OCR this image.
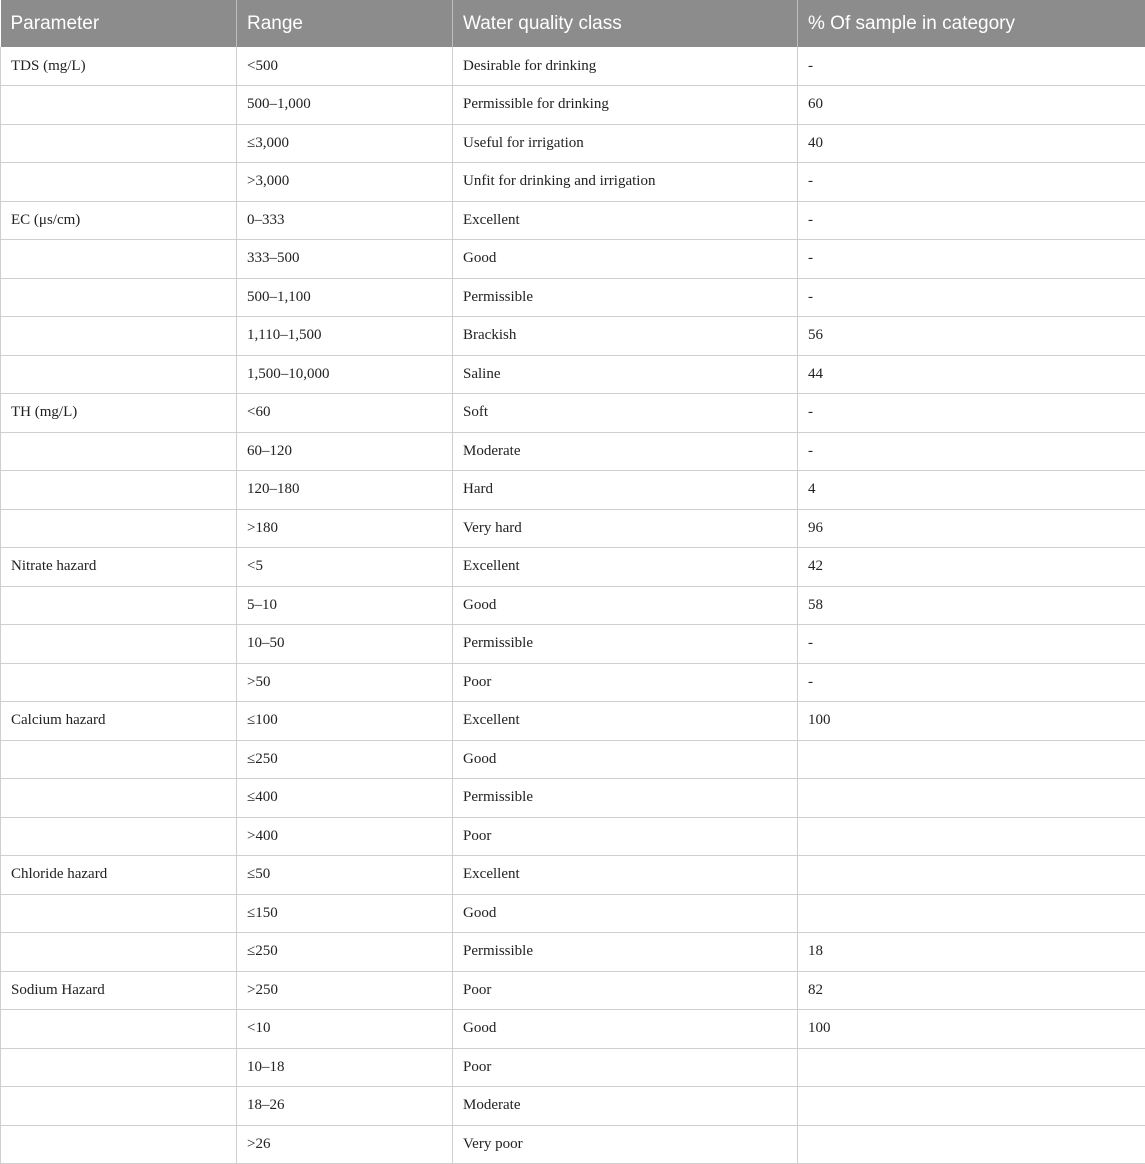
Parameter	Range	Water quality class	% Of sample in category
TDS (mg/L)	<500	Desirable for drinking	-
	500–1,000	Permissible for drinking	60
	≤3,000	Useful for irrigation	40
	>3,000	Unfit for drinking and irrigation	-
EC (μs/cm)	0–333	Excellent	-
	333–500	Good	-
	500–1,100	Permissible	-
	1,110–1,500	Brackish	56
	1,500–10,000	Saline	44
TH (mg/L)	<60	Soft	-
	60–120	Moderate	-
	120–180	Hard	4
	>180	Very hard	96
Nitrate hazard	<5	Excellent	42
	5–10	Good	58
	10–50	Permissible	-
	>50	Poor	-
Calcium hazard	≤100	Excellent	100
	≤250	Good	
	≤400	Permissible	
	>400	Poor	
Chloride hazard	≤50	Excellent	
	≤150	Good	
	≤250	Permissible	18
Sodium Hazard	>250	Poor	82
	<10	Good	100
	10–18	Poor	
	18–26	Moderate	
	>26	Very poor	
